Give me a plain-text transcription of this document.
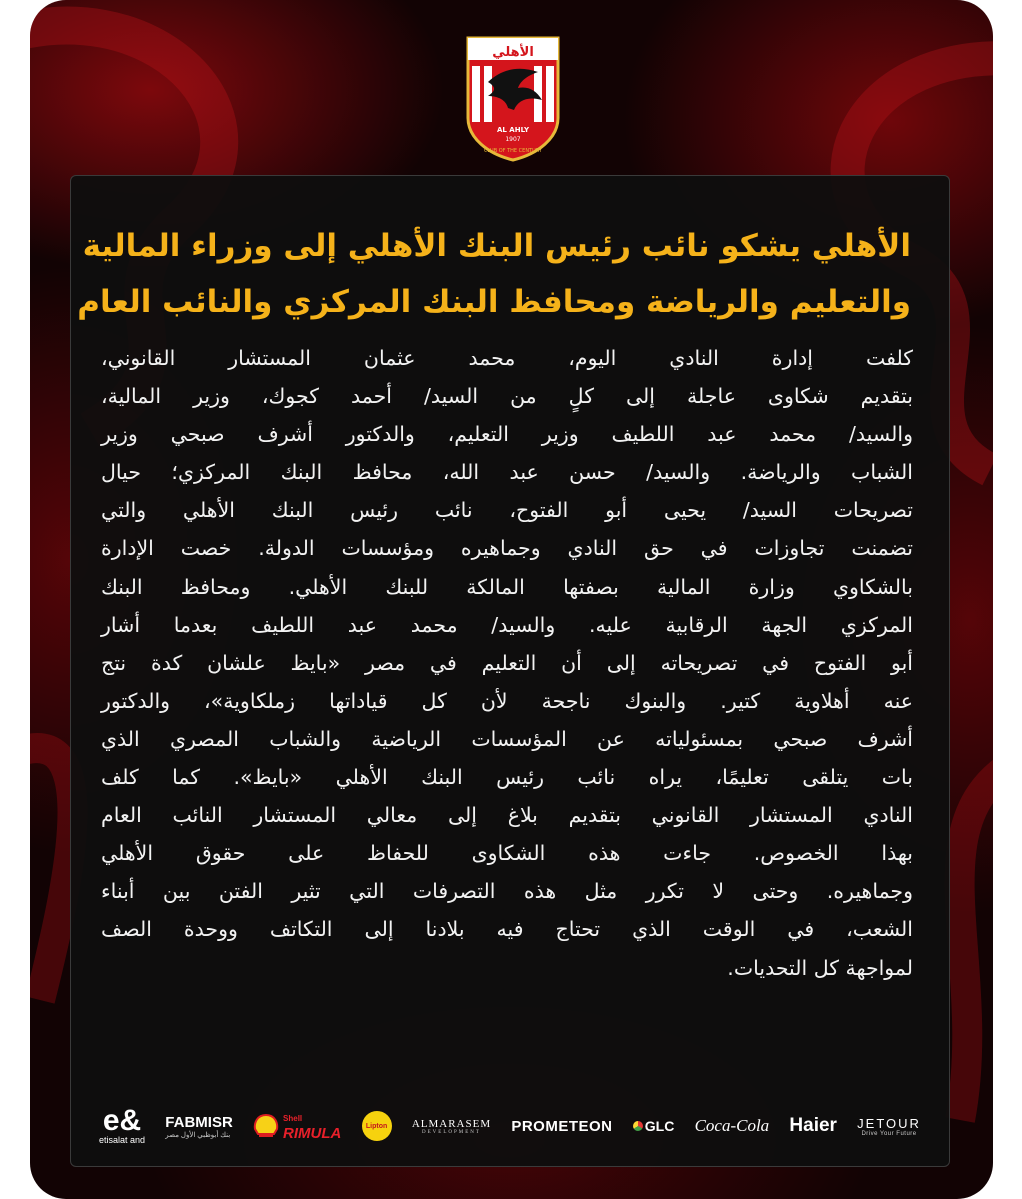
الأهلي
AL AHLY
1907
CLUB OF THE CENTURY
الأهلي يشكو نائب رئيس البنك الأهلي إلى وزراء المالية
والتعليم والرياضة ومحافظ البنك المركزي والنائب العام

كلفت إدارة النادي اليوم، محمد عثمان المستشار القانوني،
بتقديم شكاوى عاجلة إلى كلٍ من السيد/ أحمد كجوك، وزير المالية،
والسيد/ محمد عبد اللطيف وزير التعليم، والدكتور أشرف صبحي وزير
الشباب والرياضة. والسيد/ حسن عبد الله، محافظ البنك المركزي؛ حيال
تصريحات السيد/ يحيى أبو الفتوح، نائب رئيس البنك الأهلي والتي
تضمنت تجاوزات في حق النادي وجماهيره ومؤسسات الدولة. خصت الإدارة
بالشكاوي وزارة المالية بصفتها المالكة للبنك الأهلي. ومحافظ البنك
المركزي الجهة الرقابية عليه. والسيد/ محمد عبد اللطيف بعدما أشار
أبو الفتوح في تصريحاته إلى أن التعليم في مصر «بايظ علشان كدة نتج
عنه أهلاوية كتير. والبنوك ناجحة لأن كل قياداتها زملكاوية»، والدكتور
أشرف صبحي بمسئولياته عن المؤسسات الرياضية والشباب المصري الذي
بات يتلقى تعليمًا، يراه نائب رئيس البنك الأهلي «بايظ». كما كلف
النادي المستشار القانوني بتقديم بلاغ إلى معالي المستشار النائب العام
بهذا الخصوص. جاءت هذه الشكاوى للحفاظ على حقوق الأهلي
وجماهيره. وحتى لا تكرر مثل هذه التصرفات التي تثير الفتن بين أبناء
الشعب، في الوقت الذي تحتاج فيه بلادنا إلى التكاتف ووحدة الصف
لمواجهة كل التحديات.

e&
etisalat and
FABMISR
بنك أبوظبي الأول مصر
Shell
RIMULA	Lipton ALMARASEM
DEVELOPMENT PROMETEON GLC Coca-Cola Haier JETOUR
Drive Your Future
